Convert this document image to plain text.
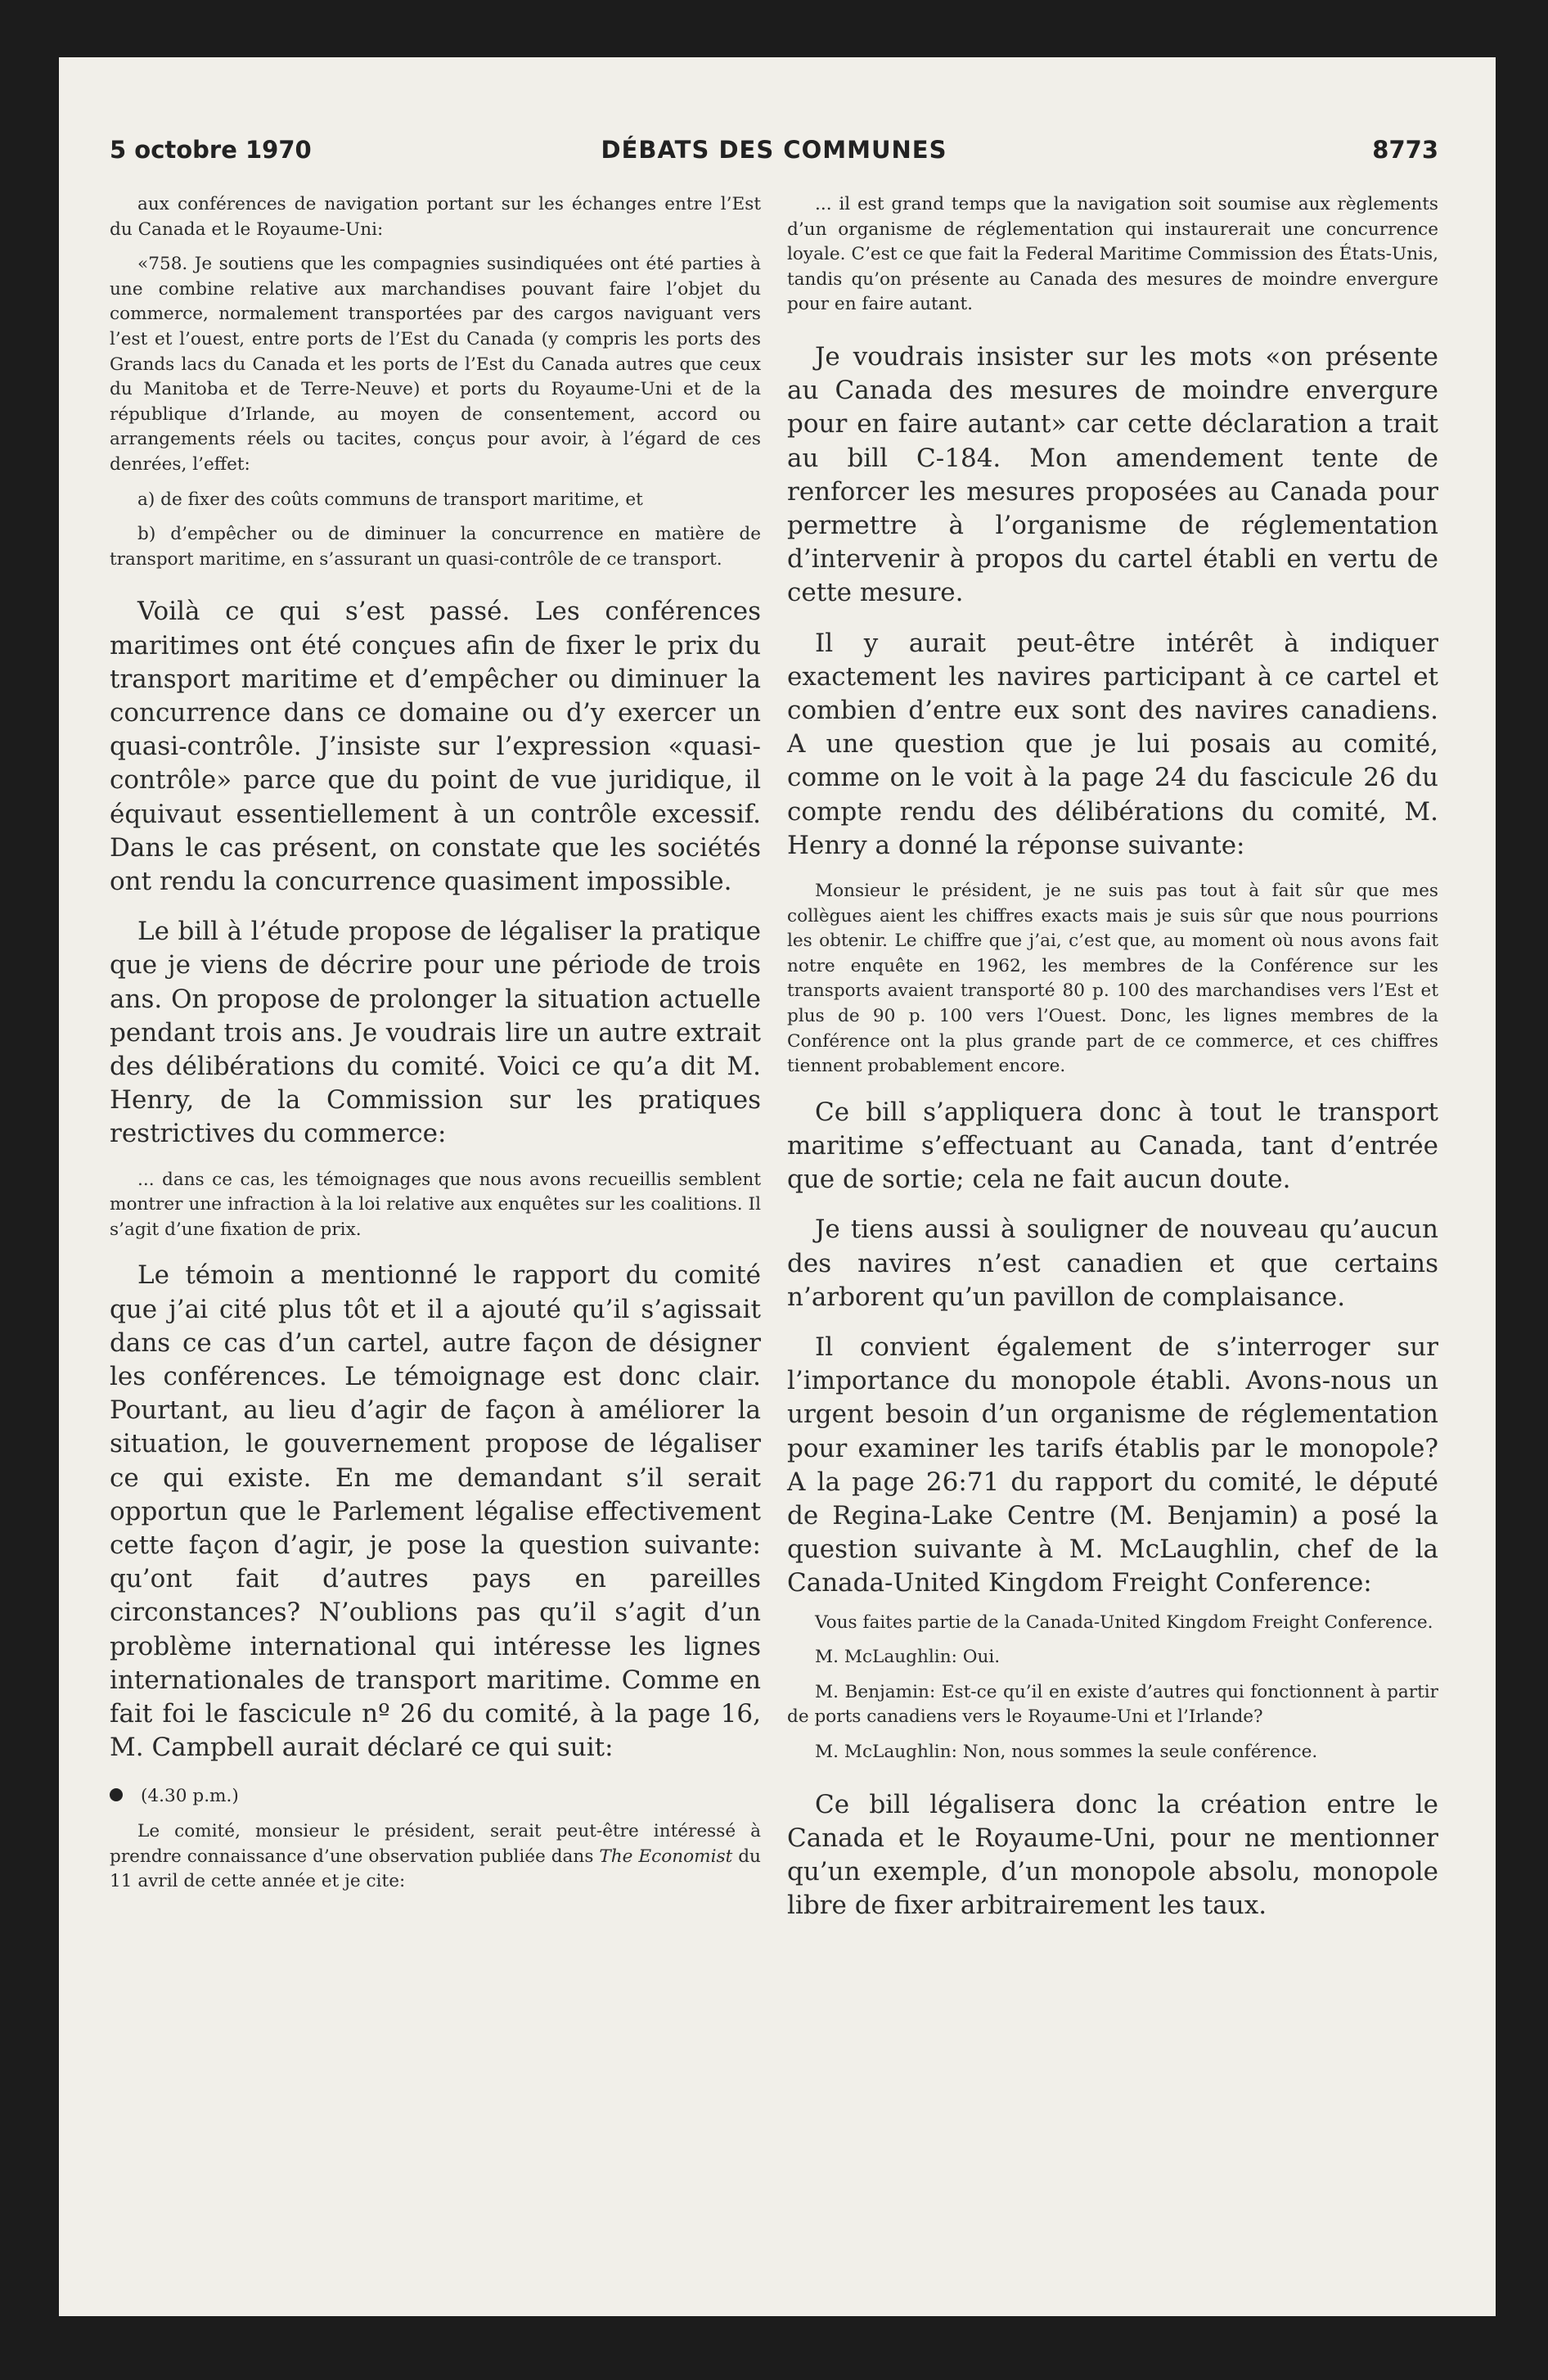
5 octobre 1970	DÉBATS DES COMMUNES	8773

aux conférences de navigation portant sur les échanges entre l’Est du Canada et le Royaume-Uni:

«758. Je soutiens que les compagnies susindiquées ont été parties à une combine relative aux marchandises pouvant faire l’objet du commerce, normalement transportées par des cargos naviguant vers l’est et l’ouest, entre ports de l’Est du Canada (y compris les ports des Grands lacs du Canada et les ports de l’Est du Canada autres que ceux du Manitoba et de Terre-Neuve) et ports du Royaume-Uni et de la république d’Irlande, au moyen de consentement, accord ou arrangements réels ou tacites, conçus pour avoir, à l’égard de ces denrées, l’effet:

a) de fixer des coûts communs de transport maritime, et

b) d’empêcher ou de diminuer la concurrence en matière de transport maritime, en s’assurant un quasi-contrôle de ce transport.

Voilà ce qui s’est passé. Les conférences maritimes ont été conçues afin de fixer le prix du transport maritime et d’empêcher ou diminuer la concurrence dans ce domaine ou d’y exercer un quasi-contrôle. J’insiste sur l’expression «quasi-contrôle» parce que du point de vue juridique, il équivaut essentiellement à un contrôle excessif. Dans le cas présent, on constate que les sociétés ont rendu la concurrence quasiment impossible.

Le bill à l’étude propose de légaliser la pratique que je viens de décrire pour une période de trois ans. On propose de prolonger la situation actuelle pendant trois ans. Je voudrais lire un autre extrait des délibérations du comité. Voici ce qu’a dit M. Henry, de la Commission sur les pratiques restrictives du commerce:

... dans ce cas, les témoignages que nous avons recueillis semblent montrer une infraction à la loi relative aux enquêtes sur les coalitions. Il s’agit d’une fixation de prix.

Le témoin a mentionné le rapport du comité que j’ai cité plus tôt et il a ajouté qu’il s’agissait dans ce cas d’un cartel, autre façon de désigner les conférences. Le témoignage est donc clair. Pourtant, au lieu d’agir de façon à améliorer la situation, le gouvernement propose de légaliser ce qui existe. En me demandant s’il serait opportun que le Parlement légalise effectivement cette façon d’agir, je pose la question suivante: qu’ont fait d’autres pays en pareilles circonstances? N’oublions pas qu’il s’agit d’un problème international qui intéresse les lignes internationales de transport maritime. Comme en fait foi le fascicule nº 26 du comité, à la page 16, M. Campbell aurait déclaré ce qui suit:

(4.30 p.m.)

Le comité, monsieur le président, serait peut-être intéressé à prendre connaissance d’une observation publiée dans The Economist du 11 avril de cette année et je cite:

... il est grand temps que la navigation soit soumise aux règlements d’un organisme de réglementation qui instaurerait une concurrence loyale. C’est ce que fait la Federal Maritime Commission des États-Unis, tandis qu’on présente au Canada des mesures de moindre envergure pour en faire autant.

Je voudrais insister sur les mots «on présente au Canada des mesures de moindre envergure pour en faire autant» car cette déclaration a trait au bill C-184. Mon amendement tente de renforcer les mesures proposées au Canada pour permettre à l’organisme de réglementation d’intervenir à propos du cartel établi en vertu de cette mesure.

Il y aurait peut-être intérêt à indiquer exactement les navires participant à ce cartel et combien d’entre eux sont des navires canadiens. A une question que je lui posais au comité, comme on le voit à la page 24 du fascicule 26 du compte rendu des délibérations du comité, M. Henry a donné la réponse suivante:

Monsieur le président, je ne suis pas tout à fait sûr que mes collègues aient les chiffres exacts mais je suis sûr que nous pourrions les obtenir. Le chiffre que j’ai, c’est que, au moment où nous avons fait notre enquête en 1962, les membres de la Conférence sur les transports avaient transporté 80 p. 100 des marchandises vers l’Est et plus de 90 p. 100 vers l’Ouest. Donc, les lignes membres de la Conférence ont la plus grande part de ce commerce, et ces chiffres tiennent probablement encore.

Ce bill s’appliquera donc à tout le transport maritime s’effectuant au Canada, tant d’entrée que de sortie; cela ne fait aucun doute.

Je tiens aussi à souligner de nouveau qu’aucun des navires n’est canadien et que certains n’arborent qu’un pavillon de complaisance.

Il convient également de s’interroger sur l’importance du monopole établi. Avons-nous un urgent besoin d’un organisme de réglementation pour examiner les tarifs établis par le monopole? A la page 26:71 du rapport du comité, le député de Regina-Lake Centre (M. Benjamin) a posé la question suivante à M. McLaughlin, chef de la Canada-United Kingdom Freight Conference:

Vous faites partie de la Canada-United Kingdom Freight Conference.

M. McLaughlin: Oui.

M. Benjamin: Est-ce qu’il en existe d’autres qui fonctionnent à partir de ports canadiens vers le Royaume-Uni et l’Irlande?

M. McLaughlin: Non, nous sommes la seule conférence.

Ce bill légalisera donc la création entre le Canada et le Royaume-Uni, pour ne mentionner qu’un exemple, d’un monopole absolu, monopole libre de fixer arbitrairement les taux.
